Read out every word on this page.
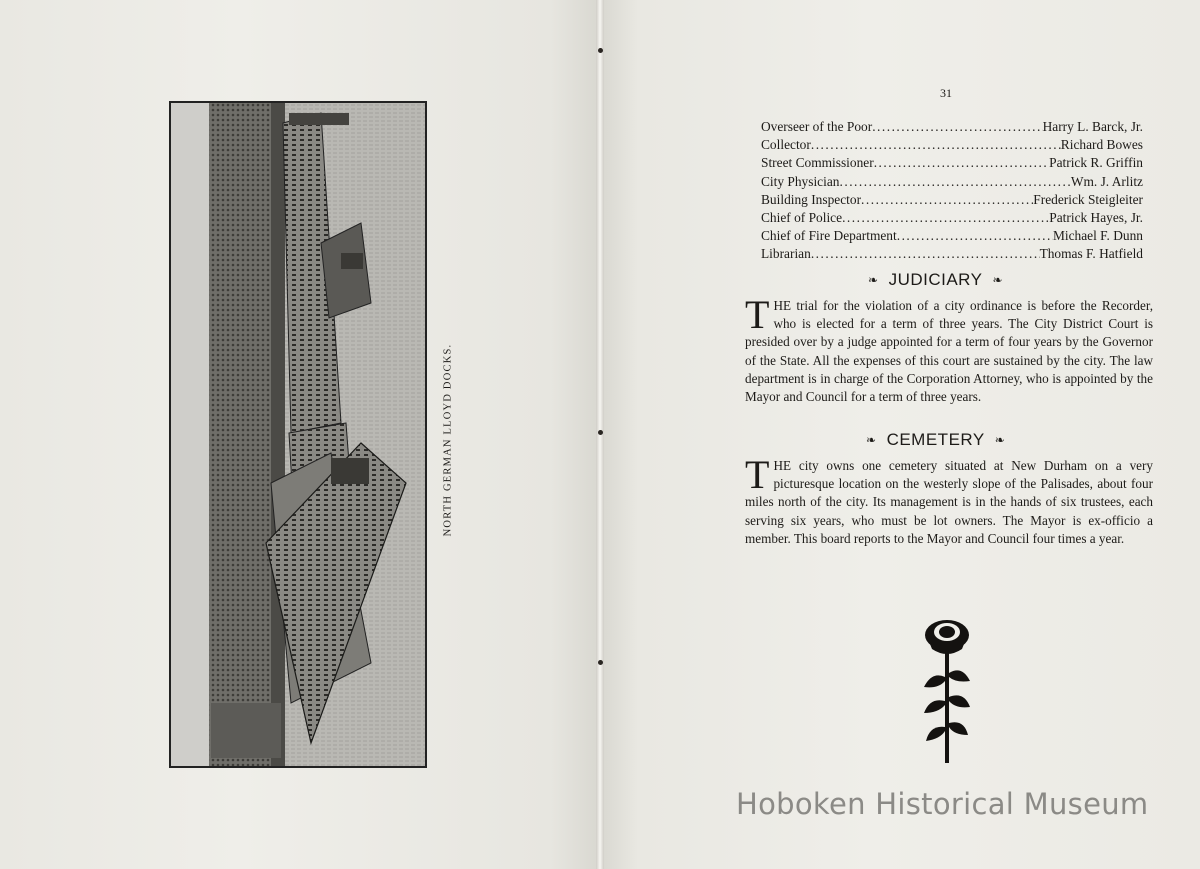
NORTH GERMAN LLOYD DOCKS.
31
Overseer of the Poor .....	Harry L. Barck, Jr.
Collector .....	Richard Bowes
Street Commissioner .....	Patrick R. Griffin
City Physician .....	Wm. J. Arlitz
Building Inspector .....	Frederick Steigleiter
Chief of Police .....	Patrick Hayes, Jr.
Chief of Fire Department .....	Michael F. Dunn
Librarian .....	Thomas F. Hatfield
❧ JUDICIARY ❧
THE trial for the violation of a city ordinance is before the Recorder, who is elected for a term of three years. The City District Court is presided over by a judge appointed for a term of four years by the Governor of the State. All the expenses of this court are sustained by the city. The law department is in charge of the Corporation Attorney, who is appointed by the Mayor and Council for a term of three years.
❧ CEMETERY ❧
THE city owns one cemetery situated at New Durham on a very picturesque location on the westerly slope of the Palisades, about four miles north of the city. Its management is in the hands of six trustees, each serving six years, who must be lot owners. The Mayor is ex-officio a member. This board reports to the Mayor and Council four times a year.
Hoboken Historical Museum
